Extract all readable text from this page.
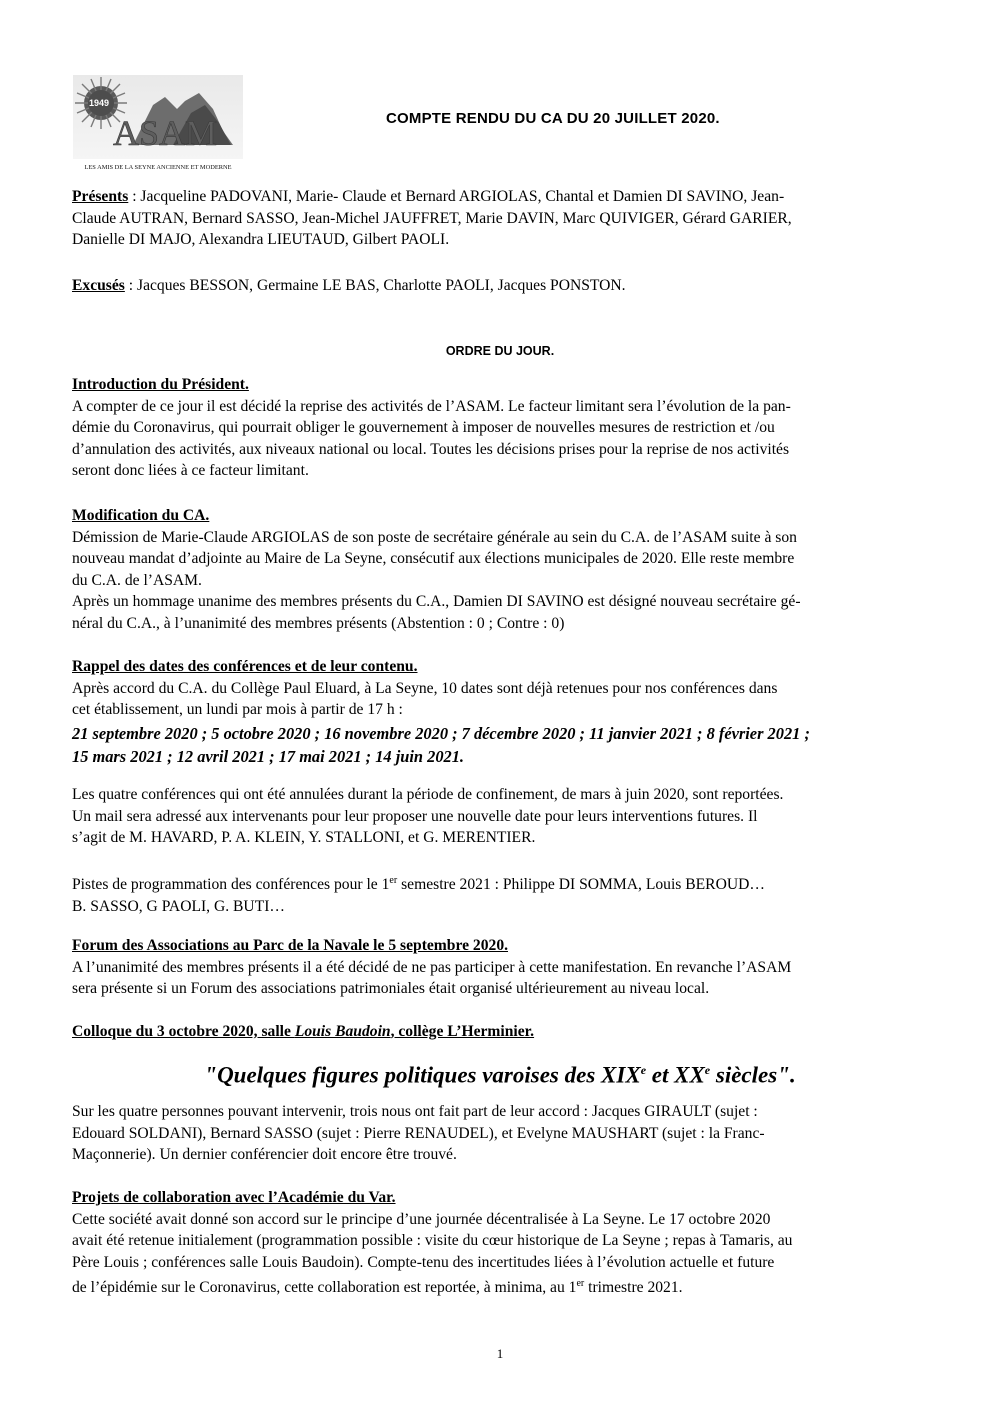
1949
ASAM
LES AMIS DE LA SEYNE ANCIENNE ET MODERNE
COMPTE RENDU DU CA DU 20 JUILLET 2020.
Présents : Jacqueline PADOVANI, Marie- Claude et Bernard ARGIOLAS, Chantal et Damien DI SAVINO, Jean-
Claude AUTRAN, Bernard SASSO, Jean-Michel JAUFFRET, Marie DAVIN, Marc QUIVIGER, Gérard GARIER,
Danielle DI MAJO, Alexandra LIEUTAUD, Gilbert PAOLI.
Excusés : Jacques BESSON, Germaine LE BAS, Charlotte PAOLI, Jacques PONSTON.
ORDRE DU JOUR.
Introduction du Président.
A compter de ce jour il est décidé la reprise des activités de l’ASAM. Le facteur limitant sera l’évolution de la pan-
démie du Coronavirus, qui pourrait obliger le gouvernement à imposer de nouvelles mesures de restriction et /ou
d’annulation des activités, aux niveaux national ou local. Toutes les décisions prises pour la reprise de nos activités
seront donc liées à ce facteur limitant.
Modification du CA.
Démission de Marie-Claude ARGIOLAS de son poste de secrétaire générale au sein du C.A. de l’ASAM suite à son
nouveau mandat d’adjointe au Maire de La Seyne, consécutif aux élections municipales de 2020. Elle reste membre
du C.A. de l’ASAM.
Après un hommage unanime des membres présents du C.A., Damien DI SAVINO est désigné nouveau secrétaire gé-
néral du C.A., à l’unanimité des membres présents (Abstention : 0 ; Contre : 0)
Rappel des dates des conférences et de leur contenu.
Après accord du C.A. du Collège Paul Eluard, à La Seyne, 10 dates sont déjà retenues pour nos conférences dans
cet établissement, un lundi par mois à partir de 17 h :
21 septembre 2020 ; 5 octobre 2020 ; 16 novembre 2020 ; 7 décembre 2020 ; 11 janvier 2021 ; 8 février 2021 ;
15 mars 2021 ; 12 avril 2021 ; 17 mai 2021 ; 14 juin 2021.
Les quatre conférences qui ont été annulées durant la période de confinement, de mars à juin 2020, sont reportées.
Un mail sera adressé aux intervenants pour leur proposer une nouvelle date pour leurs interventions futures. Il
s’agit de M. HAVARD, P. A. KLEIN, Y. STALLONI, et G. MERENTIER.
Pistes de programmation des conférences pour le 1er semestre 2021 : Philippe DI SOMMA, Louis BEROUD…
B. SASSO, G PAOLI, G. BUTI…
Forum des Associations au Parc de la Navale le 5 septembre 2020.
A l’unanimité des membres présents il a été décidé de ne pas participer à cette manifestation. En revanche l’ASAM
sera présente si un Forum des associations patrimoniales était organisé ultérieurement au niveau local.
Colloque du 3 octobre 2020, salle Louis Baudoin, collège L’Herminier.
"Quelques figures politiques varoises des XIXe et XXe siècles".
Sur les quatre personnes pouvant intervenir, trois nous ont fait part de leur accord : Jacques GIRAULT (sujet :
Edouard SOLDANI), Bernard SASSO (sujet : Pierre RENAUDEL), et Evelyne MAUSHART (sujet : la Franc-
Maçonnerie). Un dernier conférencier doit encore être trouvé.
Projets de collaboration avec l’Académie du Var.
Cette société avait donné son accord sur le principe d’une journée décentralisée à La Seyne. Le 17 octobre 2020
avait été retenue initialement (programmation possible : visite du cœur historique de La Seyne ; repas à Tamaris, au
Père Louis ; conférences salle Louis Baudoin). Compte-tenu des incertitudes liées à l’évolution actuelle et future
de l’épidémie sur le Coronavirus, cette collaboration est reportée, à minima, au 1er trimestre 2021.
1
